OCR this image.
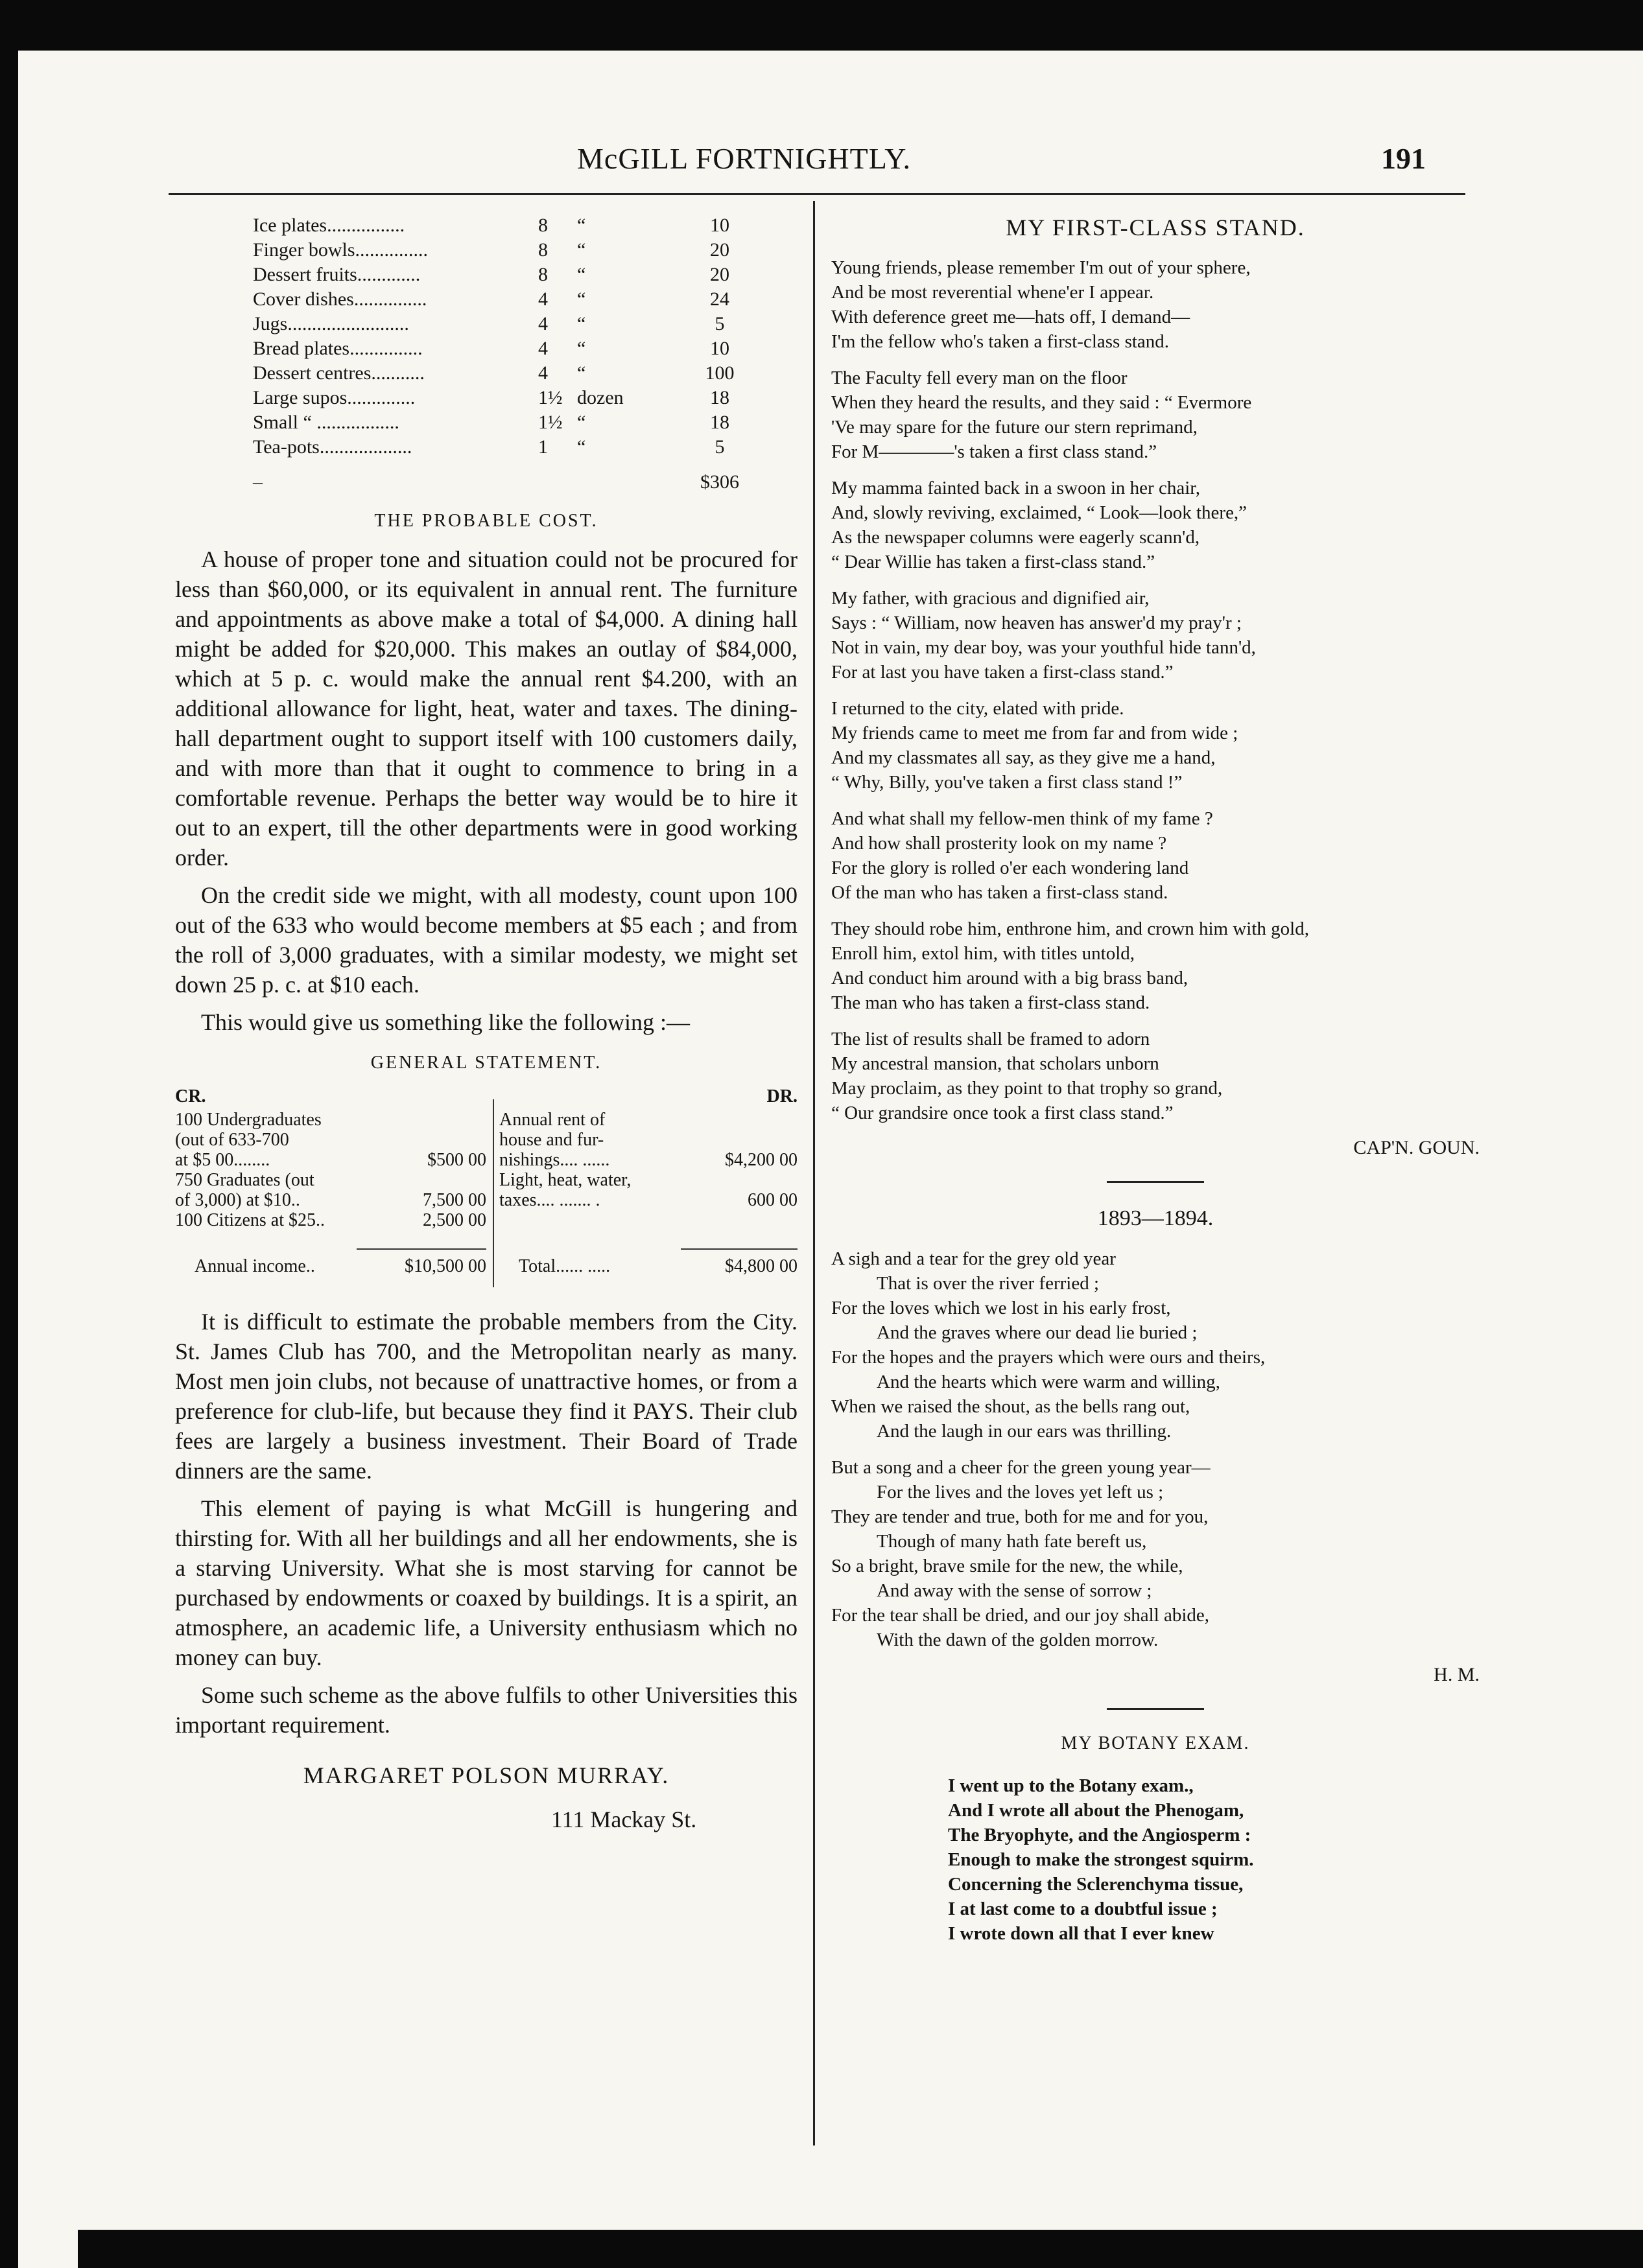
McGILL FORTNIGHTLY.	191
Ice plates................	8	“	10
Finger bowls...............	8	“	20
Dessert fruits.............	8	“	20
Cover dishes...............	4	“	24
Jugs.........................	4	“	5
Bread plates...............	4	“	10
Dessert centres...........	4	“	100
Large supos..............	1½	dozen	18
Small “ .................	1½	“	18
Tea-pots...................	1	“	5
–			$306
THE PROBABLE COST.

A house of proper tone and situation could not be procured for less than $60,000, or its equivalent in annual rent. The furniture and appointments as above make a total of $4,000. A dining hall might be added for $20,000. This makes an outlay of $84,000, which at 5 p. c. would make the annual rent $4.200, with an additional allowance for light, heat, water and taxes. The dining-hall department ought to support itself with 100 customers daily, and with more than that it ought to commence to bring in a comfortable revenue. Perhaps the better way would be to hire it out to an expert, till the other departments were in good working order.

On the credit side we might, with all modesty, count upon 100 out of the 633 who would become members at $5 each ; and from the roll of 3,000 graduates, with a similar modesty, we might set down 25 p. c. at $10 each.

This would give us something like the following :—

GENERAL STATEMENT.
CR.	DR.
100 Undergraduates
(out of 633-700
at $5 00........	$500 00
750 Graduates (out
of 3,000) at $10..	7,500 00
100 Citizens at $25..	2,500 00
Annual rent of
house and fur-
nishings.... ......	$4,200 00
Light, heat, water,
taxes.... ....... .	600 00
Annual income..	$10,500 00 Total...... .....	$4,800 00

It is difficult to estimate the probable members from the City. St. James Club has 700, and the Metropolitan nearly as many. Most men join clubs, not because of unattractive homes, or from a preference for club-life, but because they find it PAYS. Their club fees are largely a business investment. Their Board of Trade dinners are the same.

This element of paying is what McGill is hungering and thirsting for. With all her buildings and all her endowments, she is a starving University. What she is most starving for cannot be purchased by endowments or coaxed by buildings. It is a spirit, an atmosphere, an academic life, a University enthusiasm which no money can buy.

Some such scheme as the above fulfils to other Universities this important requirement.

MARGARET POLSON MURRAY.
111 Mackay St.
MY FIRST-CLASS STAND.
Young friends, please remember I'm out of your sphere,
And be most reverential whene'er I appear.
With deference greet me—hats off, I demand—
I'm the fellow who's taken a first-class stand.
The Faculty fell every man on the floor
When they heard the results, and they said : “ Evermore
'Ve may spare for the future our stern reprimand,
For M————'s taken a first class stand.”
My mamma fainted back in a swoon in her chair,
And, slowly reviving, exclaimed, “ Look—look there,”
As the newspaper columns were eagerly scann'd,
“ Dear Willie has taken a first-class stand.”
My father, with gracious and dignified air,
Says : “ William, now heaven has answer'd my pray'r ;
Not in vain, my dear boy, was your youthful hide tann'd,
For at last you have taken a first-class stand.”
I returned to the city, elated with pride.
My friends came to meet me from far and from wide ;
And my classmates all say, as they give me a hand,
“ Why, Billy, you've taken a first class stand !”
And what shall my fellow-men think of my fame ?
And how shall prosterity look on my name ?
For the glory is rolled o'er each wondering land
Of the man who has taken a first-class stand.
They should robe him, enthrone him, and crown him with gold,
Enroll him, extol him, with titles untold,
And conduct him around with a big brass band,
The man who has taken a first-class stand.
The list of results shall be framed to adorn
My ancestral mansion, that scholars unborn
May proclaim, as they point to that trophy so grand,
“ Our grandsire once took a first class stand.”
CAP'N. GOUN.
1893—1894.
A sigh and a tear for the grey old year
That is over the river ferried ;
For the loves which we lost in his early frost,
And the graves where our dead lie buried ;
For the hopes and the prayers which were ours and theirs,
And the hearts which were warm and willing,
When we raised the shout, as the bells rang out,
And the laugh in our ears was thrilling.
But a song and a cheer for the green young year—
For the lives and the loves yet left us ;
They are tender and true, both for me and for you,
Though of many hath fate bereft us,
So a bright, brave smile for the new, the while,
And away with the sense of sorrow ;
For the tear shall be dried, and our joy shall abide,
With the dawn of the golden morrow.
H. M.
MY BOTANY EXAM.
I went up to the Botany exam.,
And I wrote all about the Phenogam,
The Bryophyte, and the Angiosperm :
Enough to make the strongest squirm.
Concerning the Sclerenchyma tissue,
I at last come to a doubtful issue ;
I wrote down all that I ever knew
